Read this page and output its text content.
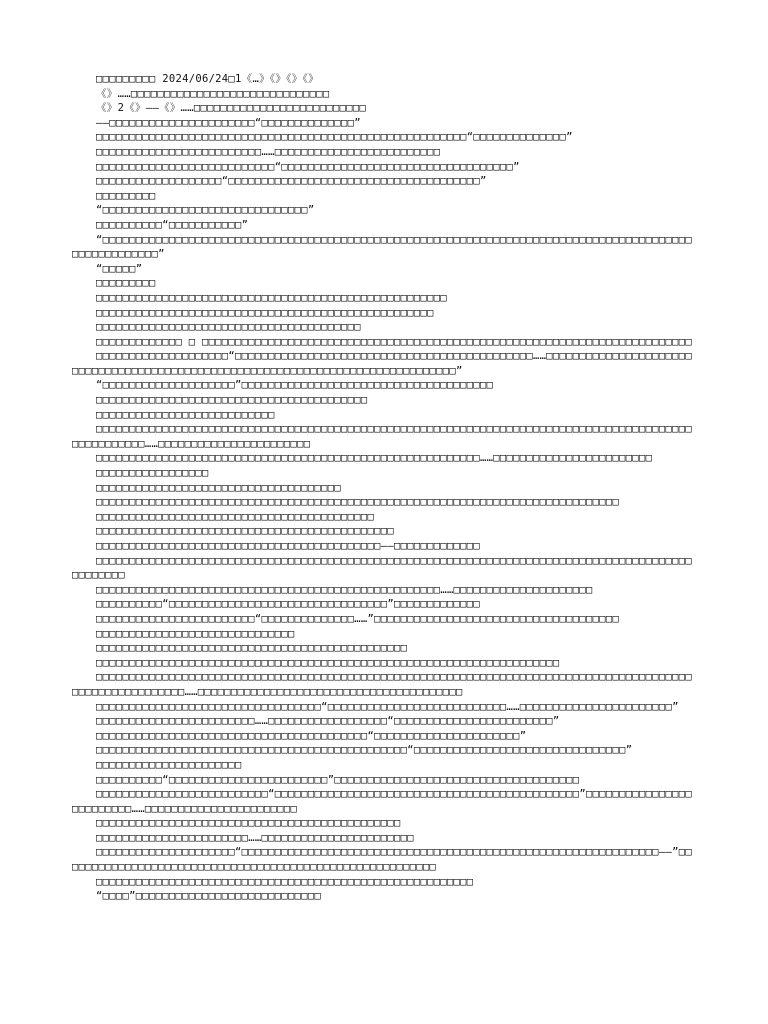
□□□□□□□□□ 2024/06/24□1《…》《》《》《》

《》……□□□□□□□□□□□□□□□□□□□□□□□□□□□□□□

《》2《》——《》……□□□□□□□□□□□□□□□□□□□□□□□□□□

——□□□□□□□□□□□□□□□□□□□□□□“□□□□□□□□□□□□□□”

□□□□□□□□□□□□□□□□□□□□□□□□□□□□□□□□□□□□□□□□□□□□□□□□□□□□□□□□“□□□□□□□□□□□□□□”

□□□□□□□□□□□□□□□□□□□□□□□□□……□□□□□□□□□□□□□□□□□□□□□□□□□

□□□□□□□□□□□□□□□□□□□□□□□□□□□“□□□□□□□□□□□□□□□□□□□□□□□□□□□□□□□□□□□”

□□□□□□□□□□□□□□□□□□□“□□□□□□□□□□□□□□□□□□□□□□□□□□□□□□□□□□□□□□”

□□□□□□□□□

“□□□□□□□□□□□□□□□□□□□□□□□□□□□□□□□”

□□□□□□□□□□“□□□□□□□□□□□”

“□□□□□□□□□□□□□□□□□□□□□□□□□□□□□□□□□□□□□□□□□□□□□□□□□□□□□□□□□□□□□□□□□□□□□□□□□□□□□□□□□□□□□□□□□□□□□□□□□□□□□□”

“□□□□□”

□□□□□□□□□

□□□□□□□□□□□□□□□□□□□□□□□□□□□□□□□□□□□□□□□□□□□□□□□□□□□□□

□□□□□□□□□□□□□□□□□□□□□□□□□□□□□□□□□□□□□□□□□□□□□□□□□□□

□□□□□□□□□□□□□□□□□□□□□□□□□□□□□□□□□□□□□□□□

□□□□□□□□□□□□□ □ □□□□□□□□□□□□□□□□□□□□□□□□□□□□□□□□□□□□□□□□□□□□□□□□□□□□□□□□□□□□□□□□□□□□□□□□□□

□□□□□□□□□□□□□□□□□□□□“□□□□□□□□□□□□□□□□□□□□□□□□□□□□□□□□□□□□□□□□□□□□□……□□□□□□□□□□□□□□□□□□□□□□□□□□□□□□□□□□□□□□□□□□□□□□□□□□□□□□□□□□□□□□□□□□□□□□□□□□□□□□□□”

“□□□□□□□□□□□□□□□□□□□□”□□□□□□□□□□□□□□□□□□□□□□□□□□□□□□□□□□□□□□

□□□□□□□□□□□□□□□□□□□□□□□□□□□□□□□□□□□□□□□□□

□□□□□□□□□□□□□□□□□□□□□□□□□□□

□□□□□□□□□□□□□□□□□□□□□□□□□□□□□□□□□□□□□□□□□□□□□□□□□□□□□□□□□□□□□□□□□□□□□□□□□□□□□□□□□□□□□□□□□□□□□□□□□□□□□……□□□□□□□□□□□□□□□□□□□□□□□

□□□□□□□□□□□□□□□□□□□□□□□□□□□□□□□□□□□□□□□□□□□□□□□□□□□□□□□□□□……□□□□□□□□□□□□□□□□□□□□□□□□

□□□□□□□□□□□□□□□□□

□□□□□□□□□□□□□□□□□□□□□□□□□□□□□□□□□□□□□

□□□□□□□□□□□□□□□□□□□□□□□□□□□□□□□□□□□□□□□□□□□□□□□□□□□□□□□□□□□□□□□□□□□□□□□□□□□□□□□

□□□□□□□□□□□□□□□□□□□□□□□□□□□□□□□□□□□□□□□□□□

□□□□□□□□□□□□□□□□□□□□□□□□□□□□□□□□□□□□□□□□□□□□□

□□□□□□□□□□□□□□□□□□□□□□□□□□□□□□□□□□□□□□□□□□□——□□□□□□□□□□□□□

□□□□□□□□□□□□□□□□□□□□□□□□□□□□□□□□□□□□□□□□□□□□□□□□□□□□□□□□□□□□□□□□□□□□□□□□□□□□□□□□□□□□□□□□□□□□□□□□□□

□□□□□□□□□□□□□□□□□□□□□□□□□□□□□□□□□□□□□□□□□□□□□□□□□□□□……□□□□□□□□□□□□□□□□□□□□□

□□□□□□□□□□“□□□□□□□□□□□□□□□□□□□□□□□□□□□□□□□□□”□□□□□□□□□□□□□

□□□□□□□□□□□□□□□□□□□□□□□□“□□□□□□□□□□□□□□……”□□□□□□□□□□□□□□□□□□□□□□□□□□□□□□□□□□□□□

□□□□□□□□□□□□□□□□□□□□□□□□□□□□□□

□□□□□□□□□□□□□□□□□□□□□□□□□□□□□□□□□□□□□□□□□□□□□□□

□□□□□□□□□□□□□□□□□□□□□□□□□□□□□□□□□□□□□□□□□□□□□□□□□□□□□□□□□□□□□□□□□□□□□□

□□□□□□□□□□□□□□□□□□□□□□□□□□□□□□□□□□□□□□□□□□□□□□□□□□□□□□□□□□□□□□□□□□□□□□□□□□□□□□□□□□□□□□□□□□□□□□□□□□□□□□□□□□□……□□□□□□□□□□□□□□□□□□□□□□□□□□□□□□□□□□□□□□□□

□□□□□□□□□□□□□□□□□□□□□□□□□□□□□□□□□□“□□□□□□□□□□□□□□□□□□□□□□□□□□□……□□□□□□□□□□□□□□□□□□□□□□□”

□□□□□□□□□□□□□□□□□□□□□□□□……□□□□□□□□□□□□□□□□□□“□□□□□□□□□□□□□□□□□□□□□□□□”

□□□□□□□□□□□□□□□□□□□□□□□□□□□□□□□□□□□□□□□□□“□□□□□□□□□□□□□□□□□□□□□□”

□□□□□□□□□□□□□□□□□□□□□□□□□□□□□□□□□□□□□□□□□□□□□□□“□□□□□□□□□□□□□□□□□□□□□□□□□□□□□□□□”

□□□□□□□□□□□□□□□□□□□□□□

□□□□□□□□□□“□□□□□□□□□□□□□□□□□□□□□□□□”□□□□□□□□□□□□□□□□□□□□□□□□□□□□□□□□□□□□□

□□□□□□□□□□□□□□□□□□□□□□□□□□“□□□□□□□□□□□□□□□□□□□□□□□□□□□□□□□□□□□□□□□□□□□□□□”□□□□□□□□□□□□□□□□□□□□□□□□□……□□□□□□□□□□□□□□□□□□□□□□□

□□□□□□□□□□□□□□□□□□□□□□□□□□□□□□□□□□□□□□□□□□□□□□

□□□□□□□□□□□□□□□□□□□□□□□……□□□□□□□□□□□□□□□□□□□□□□□

□□□□□□□□□□□□□□□□□□□□□“□□□□□□□□□□□□□□□□□□□□□□□□□□□□□□□□□□□□□□□□□□□□□□□□□□□□□□□□□□□□□□□——”□□□□□□□□□□□□□□□□□□□□□□□□□□□□□□□□□□□□□□□□□□□□□□□□□□□□□□□□□

□□□□□□□□□□□□□□□□□□□□□□□□□□□□□□□□□□□□□□□□□□□□□□□□□□□□□□□□□

“□□□□”□□□□□□□□□□□□□□□□□□□□□□□□□□□□
